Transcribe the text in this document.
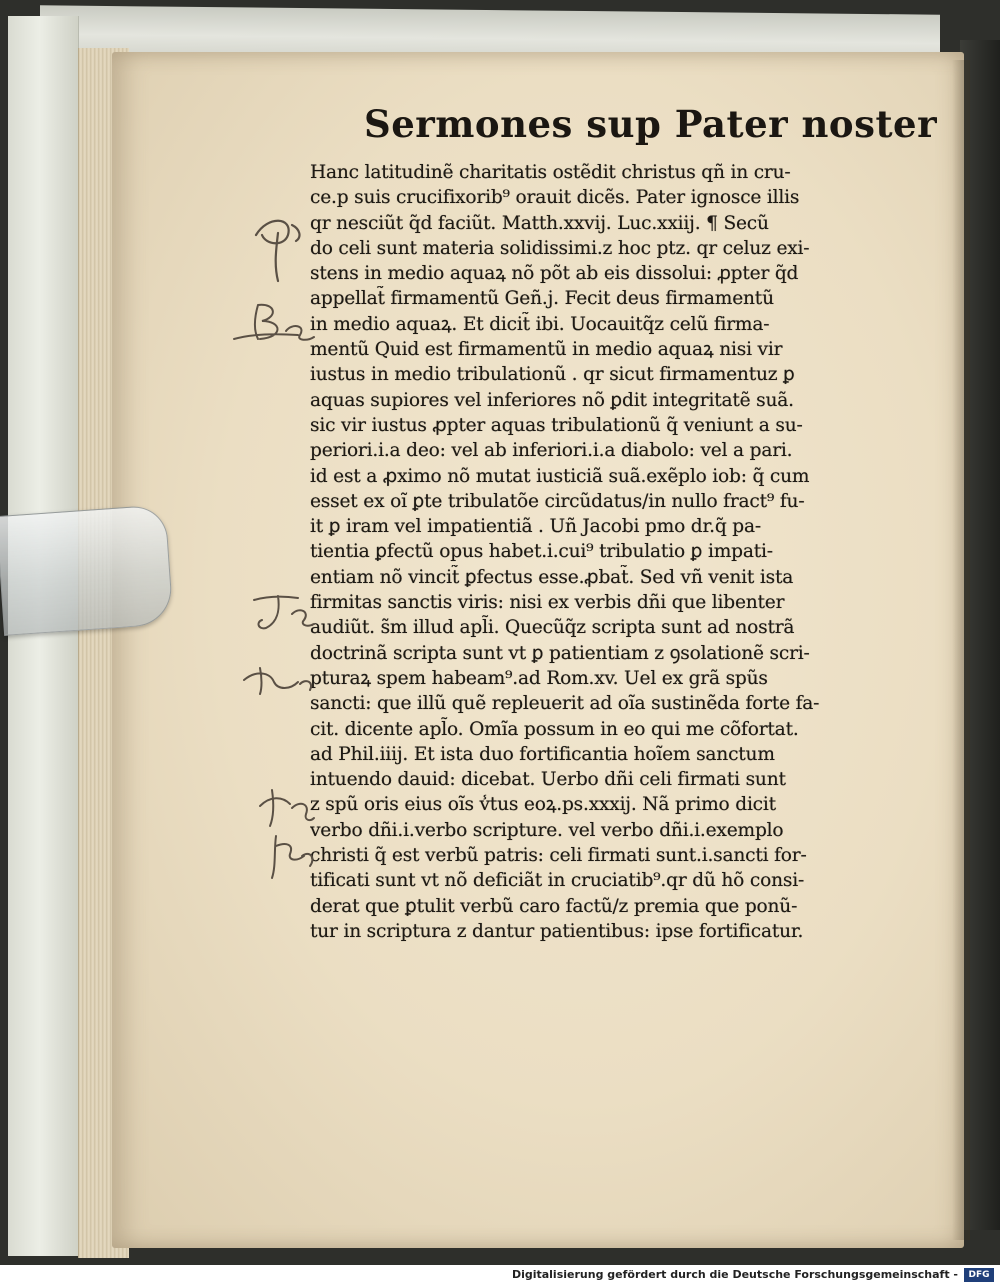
Sermones sup Pater noster
Hanc latitudinẽ charitatis ostẽdit christus qñ in cru-
ce.p suis crucifixorib⁹ orauit dicẽs. Pater ignosce illis
qr nesciũt q̃d faciũt. Matth.xxvij. Luc.xxiij. ¶ Secũ
do celi sunt materia solidissimi.z hoc ptz. qr celuz exi-
stens in medio aquaꝝ nõ põt ab eis dissolui: ꝓpter q̃d
appellat̃ firmamentũ Geñ.j. Fecit deus firmamentũ
in medio aquaꝝ. Et dicit̃ ibi. Uocauitq̃z celũ firma-
mentũ Quid est firmamentũ in medio aquaꝝ nisi vir
iustus in medio tribulationũ . qr sicut firmamentuz ꝑ
aquas supiores vel inferiores nõ ꝑdit integritatẽ suã.
sic vir iustus ꝓpter aquas tribulationũ q̃ veniunt a su-
periori.i.a deo: vel ab inferiori.i.a diabolo: vel a pari.
id est a ꝓximo nõ mutat iusticiã suã.exẽplo iob: q̃ cum
esset ex oĩ ꝑte tribulatõe circũdatus/in nullo fract⁹ fu-
it ꝑ iram vel impatientiã . Uñ Jacobi pmo dr.q̃ pa-
tientia ꝑfectũ opus habet.i.cui⁹ tribulatio ꝑ impati-
entiam nõ vincit̃ ꝑfectus esse.ꝓbat̃. Sed vñ venit ista
firmitas sanctis viris: nisi ex verbis dñi que libenter
audiũt. s̃m illud apl̃i. Quecũq̃z scripta sunt ad nostrã
doctrinã scripta sunt vt ꝑ patientiam z ꝯsolationẽ scri-
pturaꝝ spem habeam⁹.ad Rom.xv. Uel ex grã spũs
sancti: que illũ quẽ repleuerit ad oĩa sustinẽda forte fa-
cit. dicente apl̃o. Omĩa possum in eo qui me cõfortat.
ad Phil.iiij. Et ista duo fortificantia hoĩem sanctum
intuendo dauid: dicebat. Uerbo dñi celi firmati sunt
z spũ oris eius oĩs v̾tus eoꝝ.ps.xxxij. Nã primo dicit
verbo dñi.i.verbo scripture. vel verbo dñi.i.exemplo
christi q̃ est verbũ patris: celi firmati sunt.i.sancti for-
tificati sunt vt nõ deficiãt in cruciatib⁹.qr dũ hõ consi-
derat que ꝑtulit verbũ caro factũ/z premia que ponũ-
tur in scriptura z dantur patientibus: ipse fortificatur.
Digitalisierung gefördert durch die Deutsche Forschungsgemeinschaft -	DFG
